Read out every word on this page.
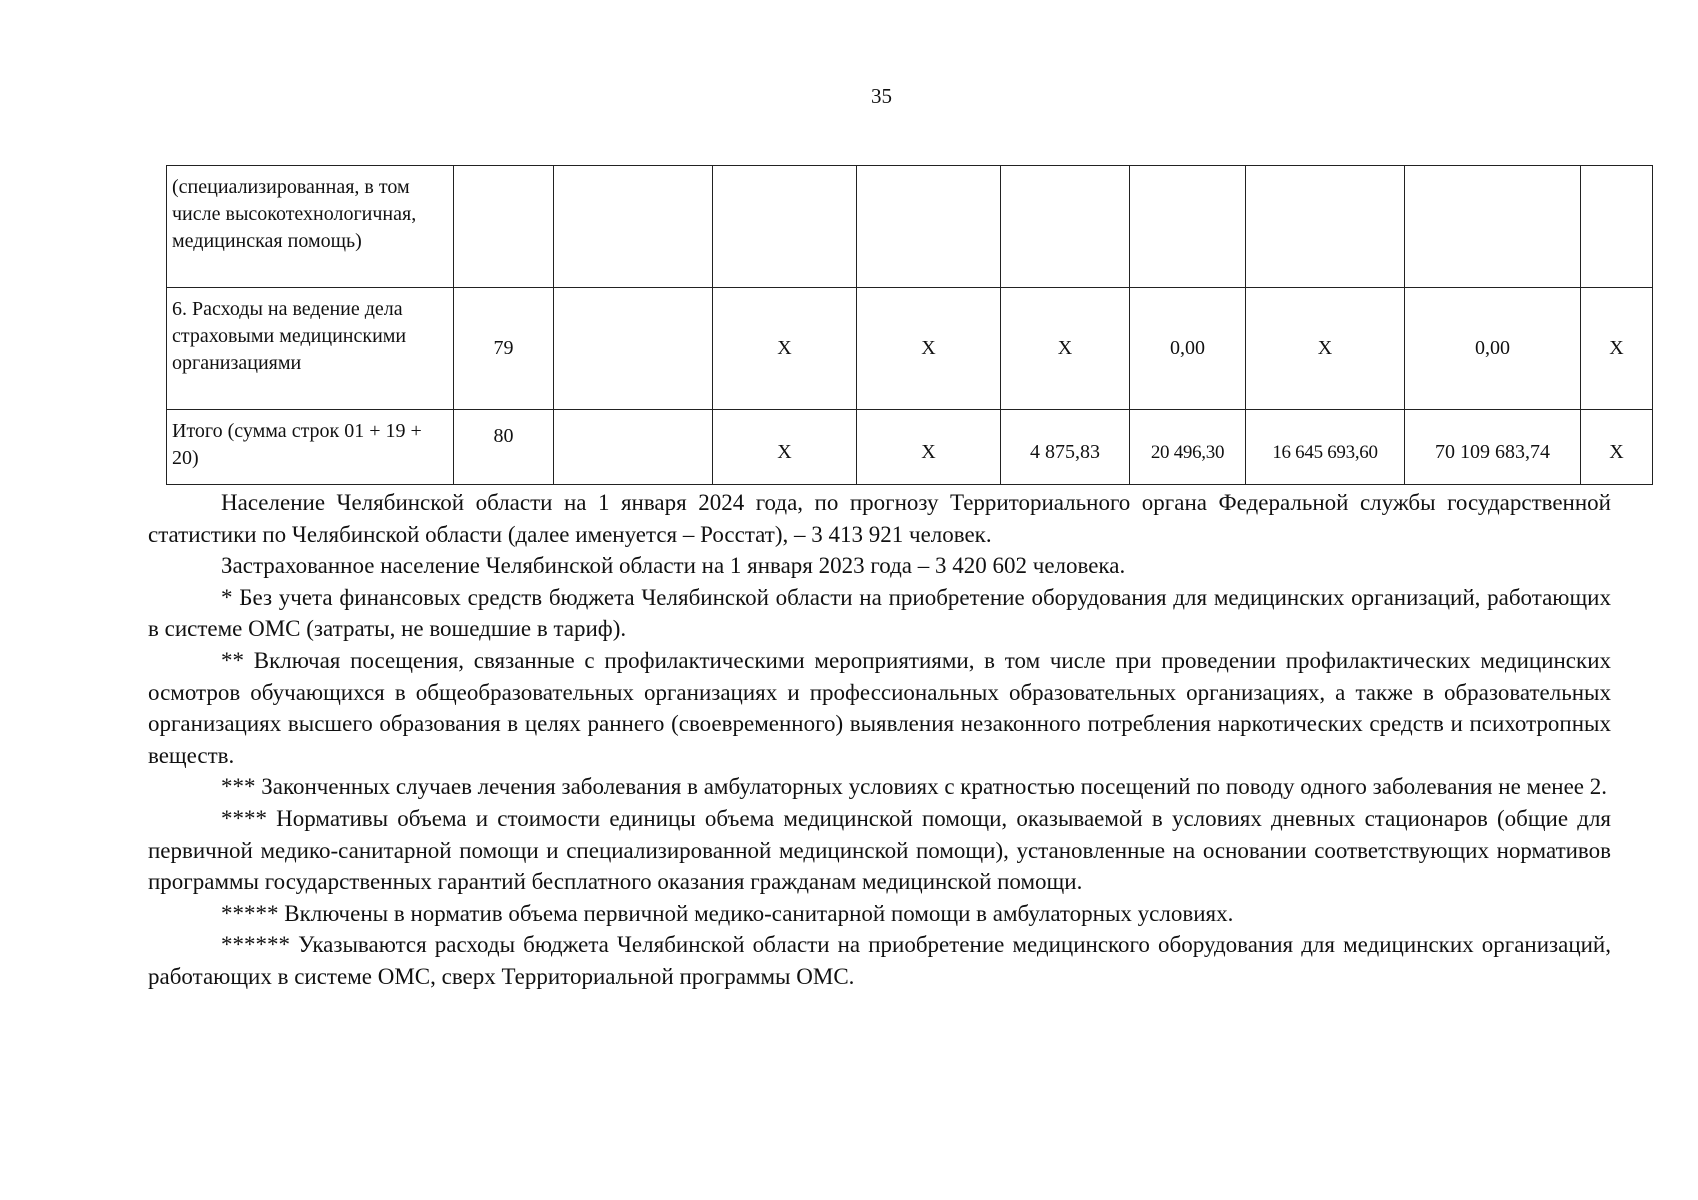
35
(специализированная, в том числе высокотехнологичная, медицинская помощь)									
6. Расходы на ведение дела страховыми медицинскими организациями	79		X	X	X	0,00	X	0,00	X
Итого (сумма строк 01 + 19 + 20)	80		X	X	4 875,83	20 496,30	16 645 693,60	70 109 683,74	X

Население Челябинской области на 1 января 2024 года, по прогнозу Территориального органа Федеральной службы государственной статистики по Челябинской области (далее именуется – Росстат), – 3 413 921 человек.

Застрахованное население Челябинской области на 1 января 2023 года – 3 420 602 человека.

* Без учета финансовых средств бюджета Челябинской области на приобретение оборудования для медицинских организаций, работающих в системе ОМС (затраты, не вошедшие в тариф).

** Включая посещения, связанные с профилактическими мероприятиями, в том числе при проведении профилактических медицинских осмотров обучающихся в общеобразовательных организациях и профессиональных образовательных организациях, а также в образовательных организациях высшего образования в целях раннего (своевременного) выявления незаконного потребления наркотических средств и психотропных веществ.

*** Законченных случаев лечения заболевания в амбулаторных условиях с кратностью посещений по поводу одного заболевания не менее 2.

**** Нормативы объема и стоимости единицы объема медицинской помощи, оказываемой в условиях дневных стационаров (общие для первичной медико-санитарной помощи и специализированной медицинской помощи), установленные на основании соответствующих нормативов программы государственных гарантий бесплатного оказания гражданам медицинской помощи.

***** Включены в норматив объема первичной медико-санитарной помощи в амбулаторных условиях.

****** Указываются расходы бюджета Челябинской области на приобретение медицинского оборудования для медицинских организаций, работающих в системе ОМС, сверх Территориальной программы ОМС.
